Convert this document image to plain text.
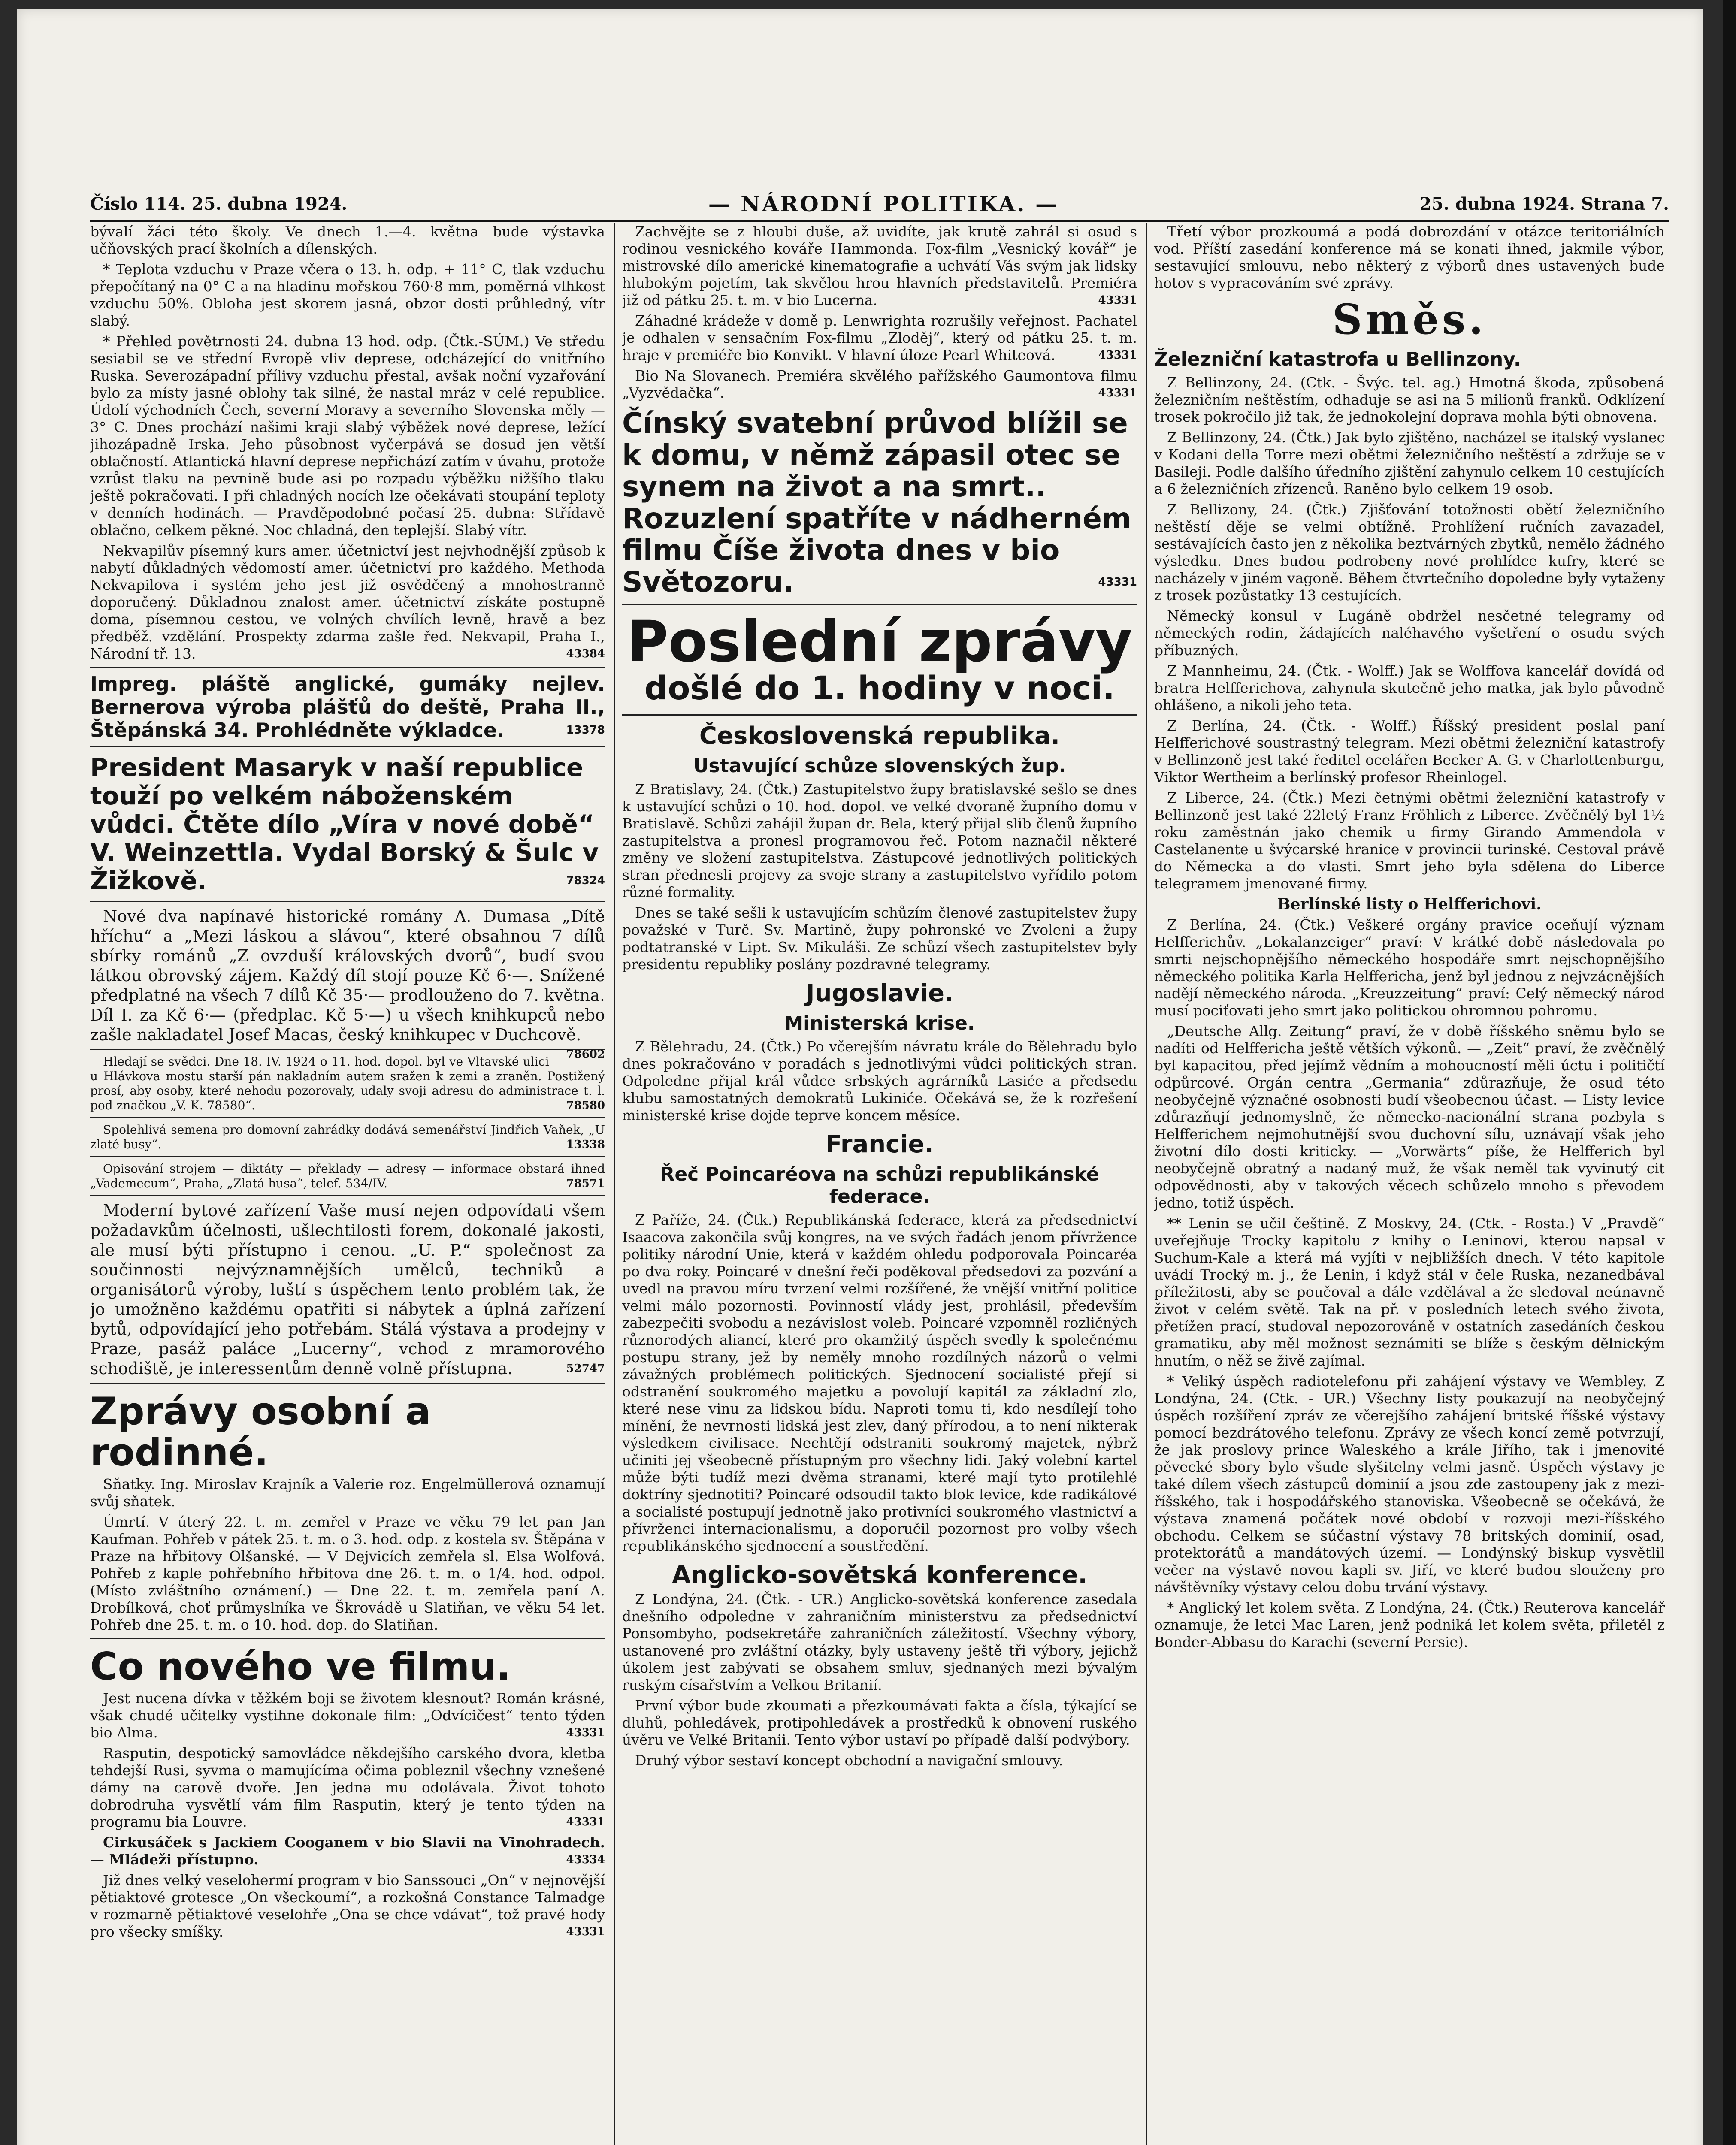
Číslo 114. 25. dubna 1924.	— NÁRODNÍ POLITIKA. —	25. dubna 1924. Strana 7.

bývalí žáci této školy. Ve dnech 1.—4. května bude výstavka učňovských prací školních a dílenských.

* Teplota vzduchu v Praze včera o 13. h. odp. + 11° C, tlak vzduchu přepočítaný na 0° C a na hladinu mořskou 760·8 mm, poměrná vlhkost vzduchu 50%. Obloha jest skorem jasná, obzor dosti průhledný, vítr slabý.

* Přehled povětrnosti 24. dubna 13 hod. odp. (Čtk.-SÚM.) Ve středu sesiabil se ve střední Evropě vliv deprese, odcházející do vnitřního Ruska. Severozápadní přílivy vzduchu přestal, avšak noční vyzařování bylo za místy jasné oblohy tak silné, že nastal mráz v celé republice. Údolí východních Čech, severní Moravy a severního Slovenska měly — 3° C. Dnes prochází našimi kraji slabý výběžek nové deprese, ležící jihozápadně Irska. Jeho působnost vyčerpává se dosud jen větší oblačností. Atlantická hlavní deprese nepřichází zatím v úvahu, protože vzrůst tlaku na pevnině bude asi po rozpadu výběžku nižšího tlaku ještě pokračovati. I při chladných nocích lze očekávati stoupání teploty v denních hodinách. — Pravděpodobné počasí 25. dubna: Střídavě oblačno, celkem pěkné. Noc chladná, den teplejší. Slabý vítr.

Nekvapilův písemný kurs amer. účetnictví jest nejvhodnější způsob k nabytí důkladných vědomostí amer. účetnictví pro každého. Methoda Nekvapilova i systém jeho jest již osvědčený a mnohostranně doporučený. Důkladnou znalost amer. účetnictví získáte postupně doma, písemnou cestou, ve volných chvílích levně, hravě a bez předběž. vzdělání. Prospekty zdarma zašle řed. Nekvapil, Praha I., Národní tř. 13.	43384

Impreg. pláště anglické, gumáky nejlev. Bernerova výroba plášťů do deště, Praha II., Štěpánská 34. Prohlédněte výkladce.	13378
President Masaryk v naší republice touží po velkém náboženském vůdci. Čtěte dílo „Víra v nové době“ V. Weinzettla. Vydal Borský & Šulc v Žižkově.	78324

Nové dva napínavé historické romány A. Dumasa „Dítě hříchu“ a „Mezi láskou a slávou“, které obsahnou 7 dílů sbírky románů „Z ovzduší královských dvorů“, budí svou látkou obrovský zájem. Každý díl stojí pouze Kč 6·—. Snížené předplatné na všech 7 dílů Kč 35·— prodlouženo do 7. května. Díl I. za Kč 6·— (předplac. Kč 5·—) u všech knihkupců nebo zašle nakladatel Josef Macas, český knihkupec v Duchcově.
78602

Hledají se svědci. Dne 18. IV. 1924 o 11. hod. dopol. byl ve Vltavské ulici u Hlávkova mostu starší pán nakladním autem sražen k zemi a zraněn. Postižený prosí, aby osoby, které nehodu pozorovaly, udaly svoji adresu do administrace t. l. pod značkou „V. K. 78580“.	78580

Spolehlivá semena pro domovní zahrádky dodává semenářství Jindřich Vaňek, „U zlaté busy“.	13338

Opisování strojem — diktáty — překlady — adresy — informace obstará ihned „Vademecum“, Praha, „Zlatá husa“, telef. 534/IV.	78571

Moderní bytové zařízení Vaše musí nejen odpovídati všem požadavkům účelnosti, ušlechtilosti forem, dokonalé jakosti, ale musí býti přístupno i cenou. „U. P.“ společnost za součinnosti nejvýznamnějších umělců, techniků a organisátorů výroby, luští s úspěchem tento problém tak, že jo umožněno každému opatřiti si nábytek a úplná zařízení bytů, odpovídající jeho potřebám. Stálá výstava a prodejny v Praze, pasáž paláce „Lucerny“, vchod z mramorového schodiště, je interessentům denně volně přístupna.	52747

Zprávy osobní a rodinné.

Sňatky. Ing. Miroslav Krajník a Valerie roz. Engelmüllerová oznamují svůj sňatek.

Úmrtí. V úterý 22. t. m. zemřel v Praze ve věku 79 let pan Jan Kaufman. Pohřeb v pátek 25. t. m. o 3. hod. odp. z kostela sv. Štěpána v Praze na hřbitovy Olšanské. — V Dejvicích zemřela sl. Elsa Wolfová. Pohřeb z kaple pohřebního hřbitova dne 26. t. m. o 1/4. hod. odpol. (Místo zvláštního oznámení.) — Dne 22. t. m. zemřela paní A. Drobílková, choť průmyslníka ve Škrovádě u Slatiňan, ve věku 54 let. Pohřeb dne 25. t. m. o 10. hod. dop. do Slatiňan.

Co nového ve filmu.

Jest nucena dívka v těžkém boji se životem klesnout? Román krásné, však chudé učitelky vystihne dokonale film: „Odvícičest“ tento týden bio Alma.	43331

Rasputin, despotický samovládce někdejšího carského dvora, kletba tehdejší Rusi, syvma o mamujícíma očima pobleznil všechny vznešené dámy na carově dvoře. Jen jedna mu odolávala. Život tohoto dobrodruha vysvětlí vám film Rasputin, který je tento týden na programu bia Louvre.	43331

Cirkusáček s Jackiem Cooganem v bio Slavii na Vinohradech. — Mládeži přístupno.	43334

Již dnes velký veselohermí program v bio Sanssouci „On“ v nejnovější pětiaktové grotesce „On všeckoumí“, a rozkošná Constance Talmadge v rozmarně pětiaktové veselohře „Ona se chce vdávat“, tož pravé hody pro všecky smíšky.	43331

Zachvějte se z hloubi duše, až uvidíte, jak krutě zahrál si osud s rodinou vesnického kováře Hammonda. Fox-film „Vesnický kovář“ je mistrovské dílo americké kinematografie a uchvátí Vás svým jak lidsky hlubokým pojetím, tak skvělou hrou hlavních představitelů. Premiéra již od pátku 25. t. m. v bio Lucerna.	43331

Záhadné krádeže v domě p. Lenwrighta rozrušily veřejnost. Pachatel je odhalen v sensačním Fox-filmu „Zloděj“, který od pátku 25. t. m. hraje v premiéře bio Konvikt. V hlavní úloze Pearl Whiteová.	43331

Bio Na Slovanech. Premiéra skvělého pařížského Gaumontova filmu „Vyzvědačka“.	43331

Čínský svatební průvod blížil se k domu, v němž zápasil otec se synem na život a na smrt.. Rozuzlení spatříte v nádherném filmu Číše života dnes v bio Světozoru.	43331
Poslední zprávy
došlé do 1. hodiny v noci.
Československá republika.
Ustavující schůze slovenských žup.

Z Bratislavy, 24. (Čtk.) Zastupitelstvo župy bratislavské sešlo se dnes k ustavující schůzi o 10. hod. dopol. ve velké dvoraně župního domu v Bratislavě. Schůzi zahájil župan dr. Bela, který přijal slib členů župního zastupitelstva a pronesl programovou řeč. Potom naznačil některé změny ve složení zastupitelstva. Zástupcové jednotlivých politických stran přednesli projevy za svoje strany a zastupitelstvo vyřídilo potom různé formality.

Dnes se také sešli k ustavujícím schůzím členové zastupitelstev župy považské v Turč. Sv. Martině, župy pohronské ve Zvoleni a župy podtatranské v Lipt. Sv. Mikuláši. Ze schůzí všech zastupitelstev byly presidentu republiky poslány pozdravné telegramy.

Jugoslavie.
Ministerská krise.

Z Bělehradu, 24. (Čtk.) Po včerejším návratu krále do Bělehradu bylo dnes pokračováno v poradách s jednotlivými vůdci politických stran. Odpoledne přijal král vůdce srbských agrárníků Lasiće a předsedu klubu samostatných demokratů Lukiniće. Očekává se, že k rozřešení ministerské krise dojde teprve koncem měsíce.

Francie.
Řeč Poincaréova na schůzi republikánské federace.

Z Paříže, 24. (Čtk.) Republikánská federace, která za předsednictví Isaacova zakončila svůj kongres, na ve svých řadách jenom přívržence politiky národní Unie, která v každém ohledu podporovala Poincaréa po dva roky. Poincaré v dnešní řeči poděkoval předsedovi za pozvání a uvedl na pravou míru tvrzení velmi rozšířené, že vnější vnitřní politice velmi málo pozornosti. Povinností vlády jest, prohlásil, především zabezpečiti svobodu a nezávislost voleb. Poincaré vzpomněl rozličných různorodých aliancí, které pro okamžitý úspěch svedly k společnému postupu strany, jež by neměly mnoho rozdílných názorů o velmi závažných problémech politických. Sjednocení socialisté přejí si odstranění soukromého majetku a povolují kapitál za základní zlo, které nese vinu za lidskou bídu. Naproti tomu ti, kdo nesdílejí toho mínění, že nevrnosti lidská jest zlev, daný přírodou, a to není nikterak výsledkem civilisace. Nechtějí odstraniti soukromý majetek, nýbrž učiniti jej všeobecně přístupným pro všechny lidi. Jaký volební kartel může býti tudíž mezi dvěma stranami, které mají tyto protilehlé doktríny sjednotiti? Poincaré odsoudil takto blok levice, kde radikálové a socialisté postupují jednotně jako protivníci soukromého vlastnictví a přívrženci internacionalismu, a doporučil pozornost pro volby všech republikánského sjednocení a soustředění.

Anglicko-sovětská konference.

Z Londýna, 24. (Čtk. - UR.) Anglicko-sovětská konference zasedala dnešního odpoledne v zahraničním ministerstvu za předsednictví Ponsombyho, podsekretáře zahraničních záležitostí. Všechny výbory, ustanovené pro zvláštní otázky, byly ustaveny ještě tři výbory, jejichž úkolem jest zabývati se obsahem smluv, sjednaných mezi bývalým ruským císařstvím a Velkou Britanií.

První výbor bude zkoumati a přezkoumávati fakta a čísla, týkající se dluhů, pohledávek, protipohledávek a prostředků k obnovení ruského úvěru ve Velké Britanii. Tento výbor ustaví po případě další podvýbory.

Druhý výbor sestaví koncept obchodní a navigační smlouvy.

Třetí výbor prozkoumá a podá dobrozdání v otázce teritoriálních vod. Příští zasedání konference má se konati ihned, jakmile výbor, sestavující smlouvu, nebo některý z výborů dnes ustavených bude hotov s vypracováním své zprávy.

Směs.
Železniční katastrofa u Bellinzony.

Z Bellinzony, 24. (Ctk. - Švýc. tel. ag.) Hmotná škoda, způsobená železničním neštěstím, odhaduje se asi na 5 milionů franků. Odklízení trosek pokročilo již tak, že jednokolejní doprava mohla býti obnovena.

Z Bellinzony, 24. (Čtk.) Jak bylo zjištěno, nacházel se italský vyslanec v Kodani della Torre mezi obětmi železničního neštěstí a zdržuje se v Basileji. Podle dalšího úředního zjištění zahynulo celkem 10 cestujících a 6 železničních zřízenců. Raněno bylo celkem 19 osob.

Z Bellizony, 24. (Čtk.) Zjišťování totožnosti obětí železničního neštěstí děje se velmi obtížně. Prohlížení ručních zavazadel, sestávajících často jen z několika beztvárných zbytků, nemělo žádného výsledku. Dnes budou podrobeny nové prohlídce kufry, které se nacházely v jiném vagoně. Během čtvrtečního dopoledne byly vytaženy z trosek pozůstatky 13 cestujících.

Německý konsul v Lugáně obdržel nesčetné telegramy od německých rodin, žádajících naléhavého vyšetření o osudu svých příbuzných.

Z Mannheimu, 24. (Čtk. - Wolff.) Jak se Wolffova kancelář dovídá od bratra Helfferichova, zahynula skutečně jeho matka, jak bylo původně ohlášeno, a nikoli jeho teta.

Z Berlína, 24. (Čtk. - Wolff.) Říšský president poslal paní Helfferichové soustrastný telegram. Mezi obětmi železniční katastrofy v Bellinzoně jest také ředitel ocelářen Becker A. G. v Charlottenburgu, Viktor Wertheim a berlínský profesor Rheinlogel.

Z Liberce, 24. (Čtk.) Mezi četnými obětmi železniční katastrofy v Bellinzoně jest také 22letý Franz Fröhlich z Liberce. Zvěčnělý byl 1½ roku zaměstnán jako chemik u firmy Girando Ammendola v Castelanente u švýcarské hranice v provincii turinské. Cestoval právě do Německa a do vlasti. Smrt jeho byla sdělena do Liberce telegramem jmenované firmy.

Berlínské listy o Helfferichovi.

Z Berlína, 24. (Čtk.) Veškeré orgány pravice oceňují význam Helfferichův. „Lokalanzeiger“ praví: V krátké době následovala po smrti nejschopnějšího německého hospodáře smrt nejschopnějšího německého politika Karla Helffericha, jenž byl jednou z nejvzácnějších nadějí německého národa. „Kreuzzeitung“ praví: Celý německý národ musí pociťovati jeho smrt jako politickou ohromnou pohromu.

„Deutsche Allg. Zeitung“ praví, že v době říšského sněmu bylo se nadíti od Helfferichа ještě větších výkonů. — „Zeit“ praví, že zvěčnělý byl kapacitou, před jejímž vědním a mohoucností měli úctu i političtí odpůrcové. Orgán centra „Germania“ zdůrazňuje, že osud této neobyčejně význačné osobnosti budí všeobecnou účast. — Listy levice zdůrazňují jednomyslně, že německo-nacionální strana pozbyla s Helfferichem nejmohutnější svou duchovní sílu, uznávají však jeho životní dílo dosti kriticky. — „Vorwärts“ píše, že Helfferich byl neobyčejně obratný a nadaný muž, že však neměl tak vyvinutý cit odpovědnosti, aby v takových věcech schůzelo mnoho s převodem jedno, totiž úspěch.

** Lenin se učil češtině. Z Moskvy, 24. (Ctk. - Rosta.) V „Pravdě“ uveřejňuje Trocky kapitolu z knihy o Leninovi, kterou napsal v Suchum-Kale a která má vyjíti v nejbližších dnech. V této kapitole uvádí Trocký m. j., že Lenin, i když stál v čele Ruska, nezanedbával příležitosti, aby se poučoval a dále vzdělával a že sledoval neúnavně život v celém světě. Tak na př. v posledních letech svého života, přetížen prací, studoval nepozorováně v ostatních zasedáních českou gramatiku, aby měl možnost seznámiti se blíže s českým dělnickým hnutím, o něž se živě zajímal.

* Veliký úspěch radiotelefonu při zahájení výstavy ve Wembley. Z Londýna, 24. (Ctk. - UR.) Všechny listy poukazují na neobyčejný úspěch rozšíření zpráv ze včerejšího zahájení britské říšské výstavy pomocí bezdrátového telefonu. Zprávy ze všech koncí země potvrzují, že jak proslovy prince Waleského a krále Jiřího, tak i jmenovité pěvecké sbory bylo všude slyšitelny velmi jasně. Úspěch výstavy je také dílem všech zástupců dominií a jsou zde zastoupeny jak z mezi-říšského, tak i hospodářského stanoviska. Všeobecně se očekává, že výstava znamená počátek nové období v rozvoji mezi-říšského obchodu. Celkem se súčastní výstavy 78 britských dominií, osad, protektorátů a mandátových území. — Londýnský biskup vysvětlil večer na výstavě novou kapli sv. Jiří, ve které budou slouženy pro návštěvníky výstavy celou dobu trvání výstavy.

* Anglický let kolem světa. Z Londýna, 24. (Čtk.) Reuterova kancelář oznamuje, že letci Mac Laren, jenž podniká let kolem světa, přiletěl z Bonder-Abbasu do Karachi (severní Persie).
